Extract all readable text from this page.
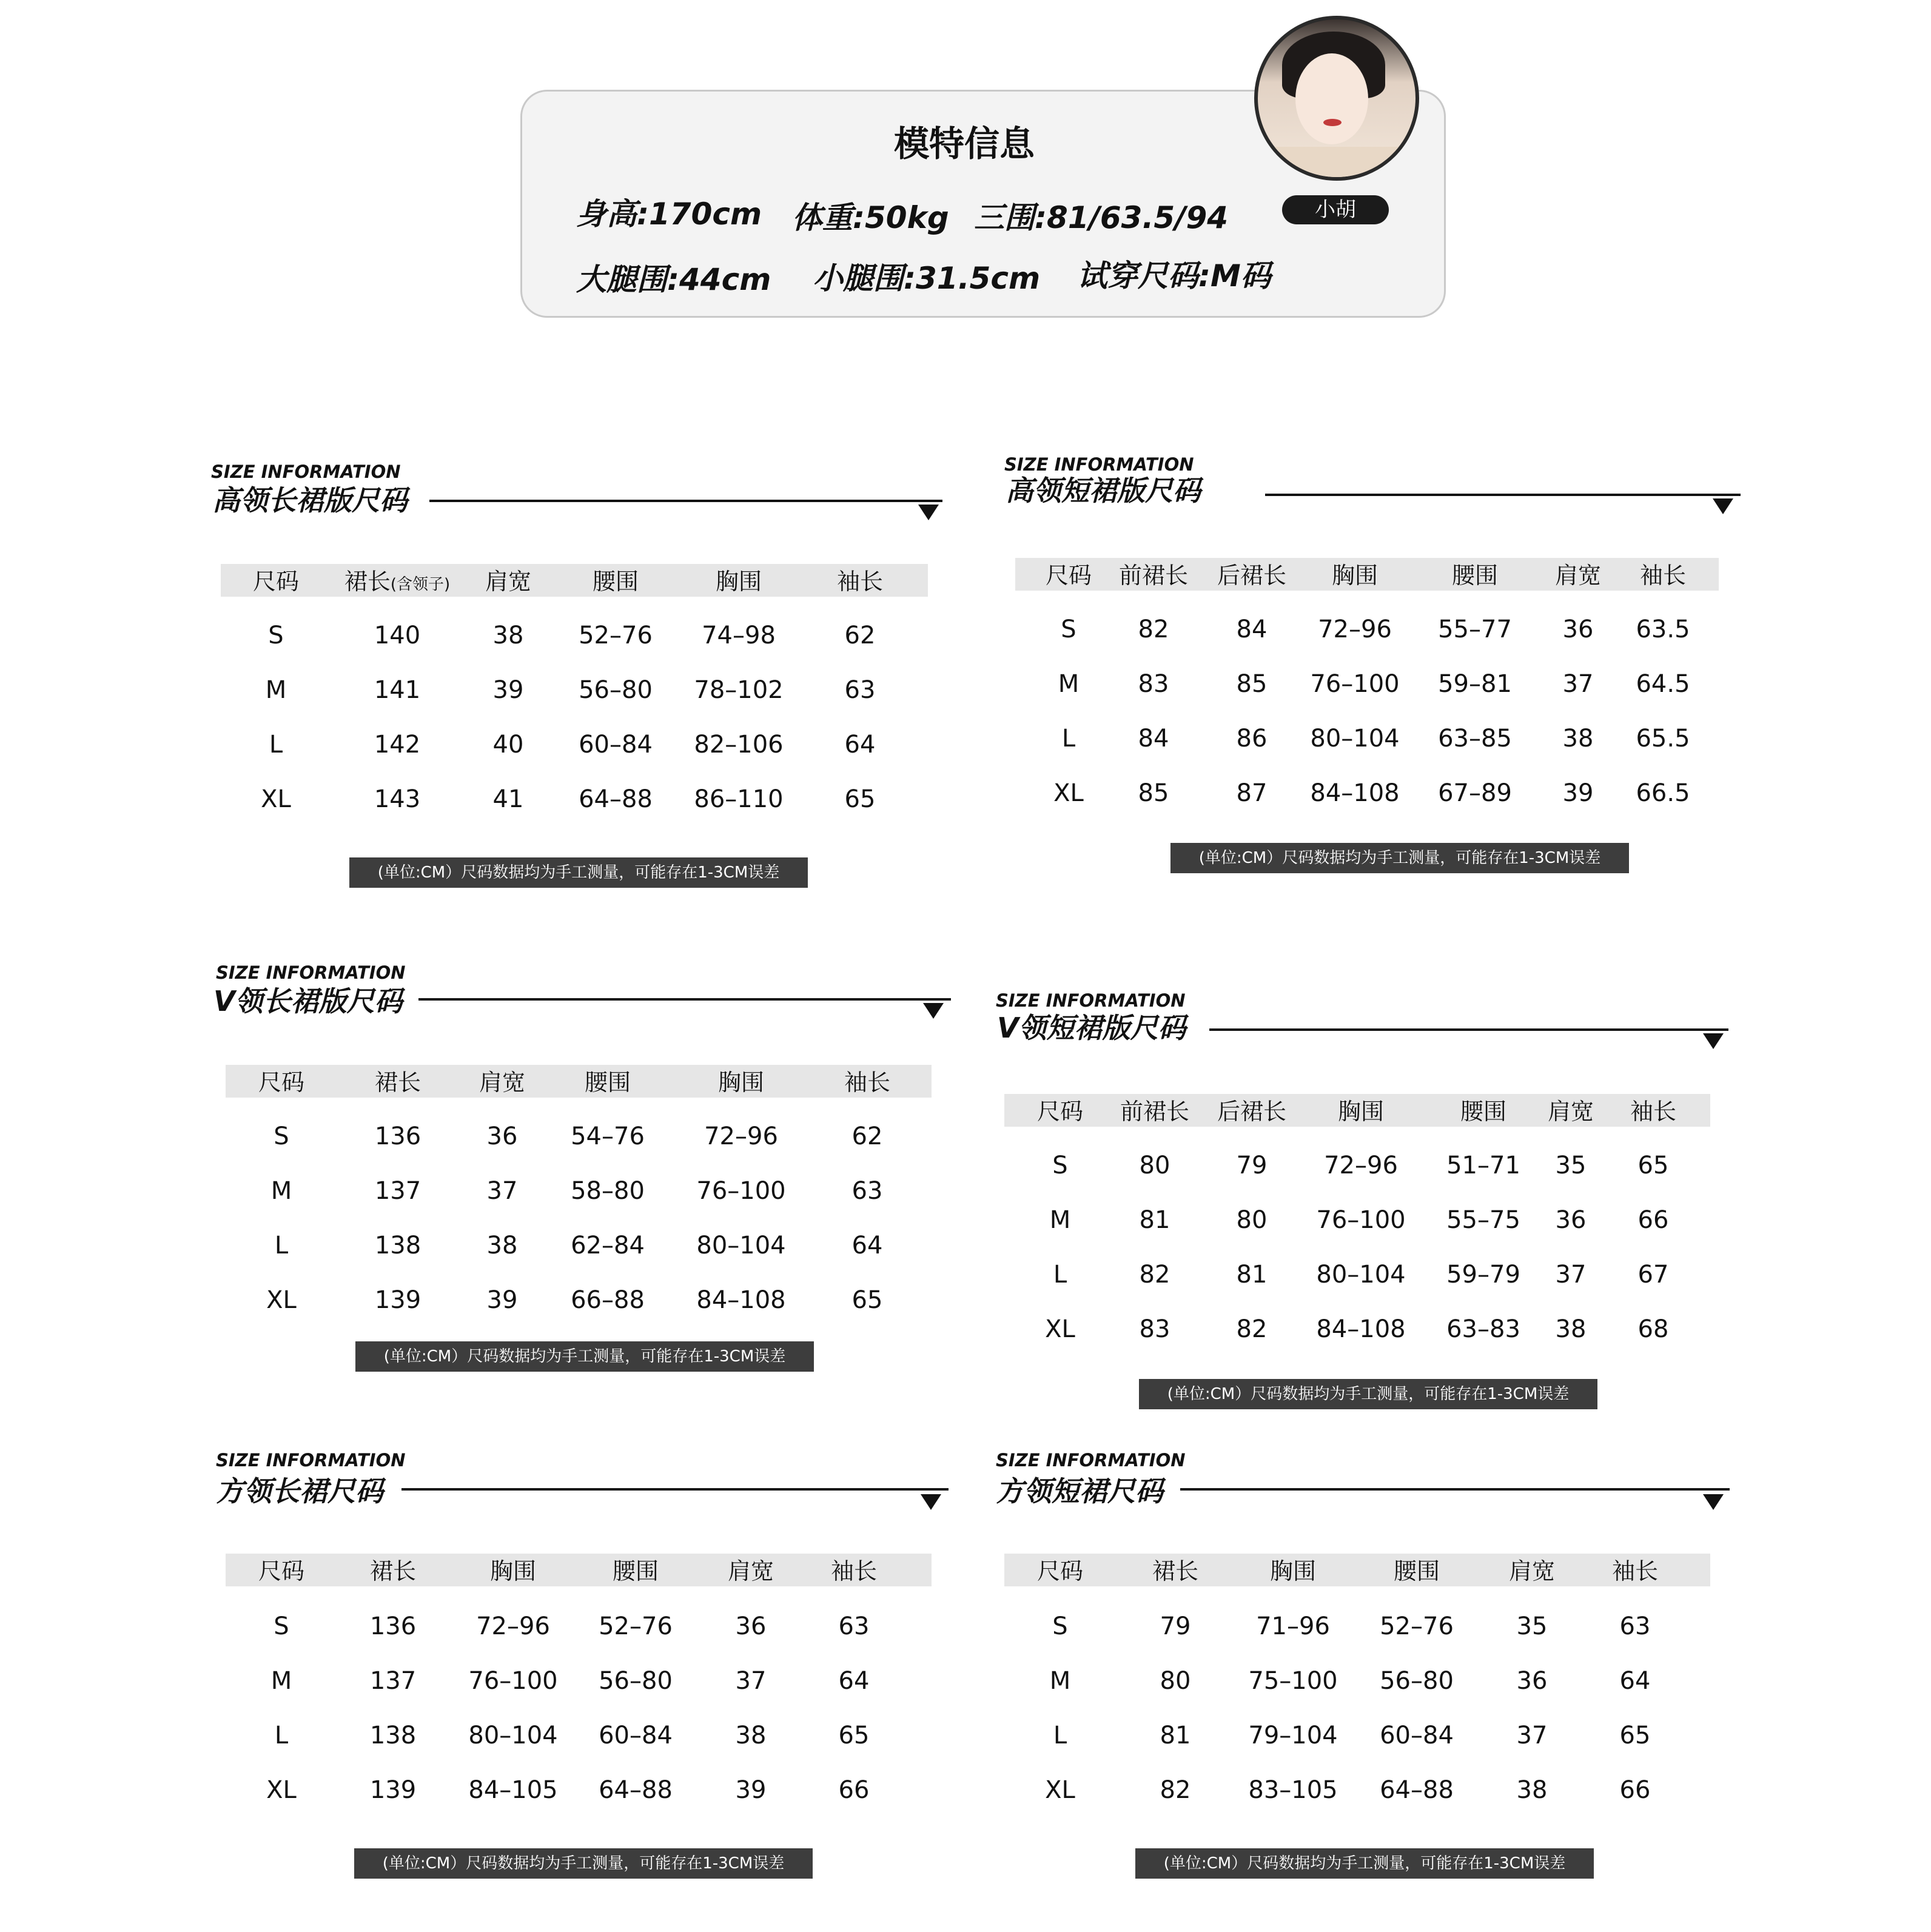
模特信息
身高:170cm 体重:50kg 三围:81/63.5/94
大腿围:44cm 小腿围:31.5cm 试穿尺码:M码
小胡
SIZE INFORMATION
高领长裙版尺码
尺码 裙长(含领子) 肩宽	腰围	胸围	袖长
S	140	38 52–76 74–98	62
M	141	39 56–80 78–102	63
L	142	40 60–84 82–106	64
XL	143	41 64–88 86–110	65
(单位:CM）尺码数据均为手工测量，可能存在1-3CM误差
SIZE INFORMATION
高领短裙版尺码
尺码 前裙长 后裙长 胸围	腰围 肩宽 袖长
S	82	84 72–96 55–77 36 63.5
M 83	85 76–100 59–81 37 64.5
L	84	86 80–104 63–85 38 65.5
XL 85	87 84–108 67–89 39 66.5
(单位:CM）尺码数据均为手工测量，可能存在1-3CM误差
SIZE INFORMATION
V领长裙版尺码
尺码	裙长	肩宽	腰围	胸围	袖长
S	136	36 54–76 72–96	62
M	137	37 58–80 76–100	63
L	138	38 62–84 80–104	64
XL	139	39 66–88 84–108	65
(单位:CM）尺码数据均为手工测量，可能存在1-3CM误差
SIZE INFORMATION
V领短裙版尺码
尺码 前裙长 后裙长 胸围	腰围 肩宽 袖长
S	80	79 72–96 51–71 35 65
M	81	80 76–100 55–75 36 66
L	82	81 80–104 59–79 37 67
XL	83	82 84–108 63–83 38 68
(单位:CM）尺码数据均为手工测量，可能存在1-3CM误差
SIZE INFORMATION
方领长裙尺码
尺码	裙长	胸围	腰围	肩宽 袖长
S	136 72–96 52–76	36	63
M	137 76–100 56–80	37	64
L	138 80–104 60–84	38	65
XL	139 84–105 64–88	39	66
(单位:CM）尺码数据均为手工测量，可能存在1-3CM误差
SIZE INFORMATION
方领短裙尺码
尺码	裙长	胸围	腰围	肩宽 袖长
S	79	71–96 52–76	35	63
M	80 75–100 56–80	36	64
L	81 79–104 60–84	37	65
XL	82 83–105 64–88	38	66
(单位:CM）尺码数据均为手工测量，可能存在1-3CM误差
